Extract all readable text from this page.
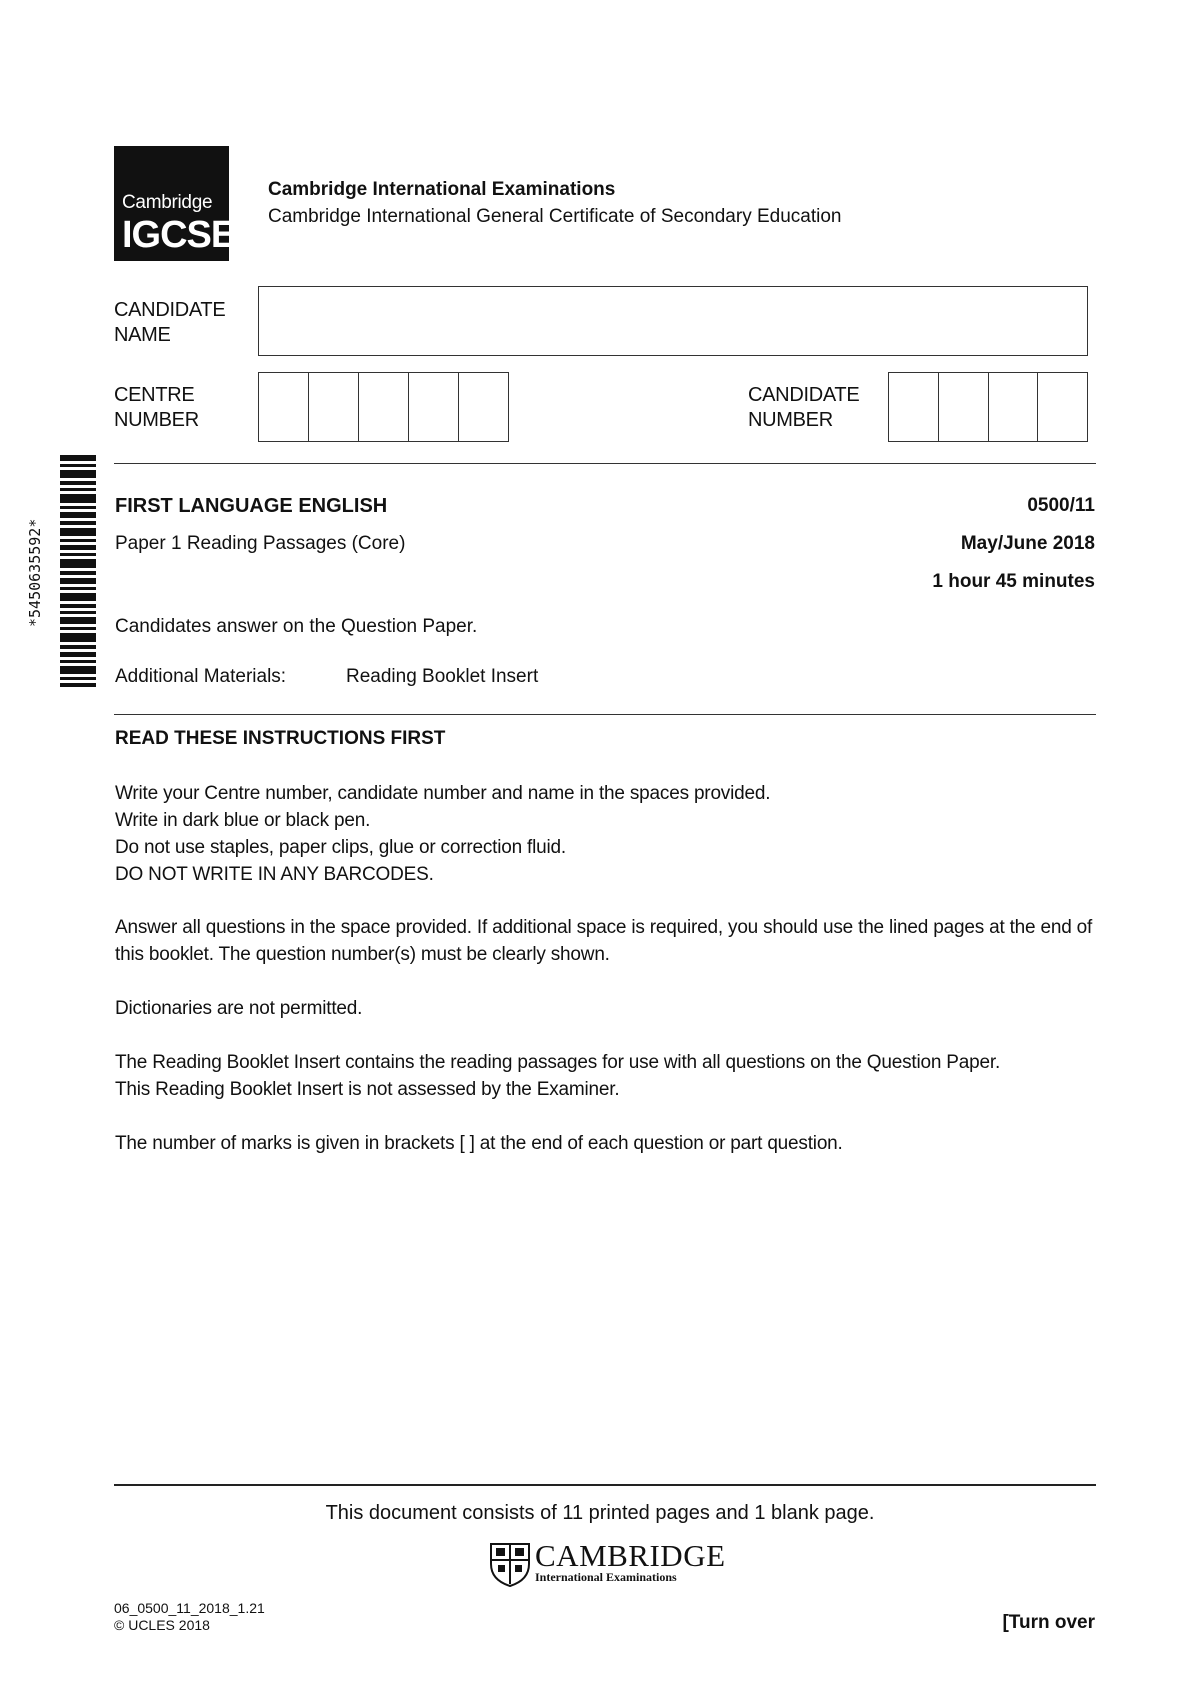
Cambridge
IGCSE
Cambridge International Examinations
Cambridge International General Certificate of Secondary Education
CANDIDATE
NAME
CENTRE
NUMBER
CANDIDATE
NUMBER
*5450635592*
FIRST LANGUAGE ENGLISH	0500/11
Paper 1 Reading Passages (Core)	May/June 2018
1 hour 45 minutes
Candidates answer on the Question Paper.
Additional Materials:	Reading Booklet Insert
READ THESE INSTRUCTIONS FIRST
Write your Centre number, candidate number and name in the spaces provided.
Write in dark blue or black pen.
Do not use staples, paper clips, glue or correction fluid.
DO NOT WRITE IN ANY BARCODES.
Answer all questions in the space provided. If additional space is required, you should use the lined pages at the end of this booklet. The question number(s) must be clearly shown.
Dictionaries are not permitted.
The Reading Booklet Insert contains the reading passages for use with all questions on the Question Paper.
This Reading Booklet Insert is not assessed by the Examiner.
The number of marks is given in brackets [ ] at the end of each question or part question.
This document consists of 11 printed pages and 1 blank page.
CAMBRIDGE
International Examinations
06_0500_11_2018_1.21
© UCLES 2018	[Turn over
